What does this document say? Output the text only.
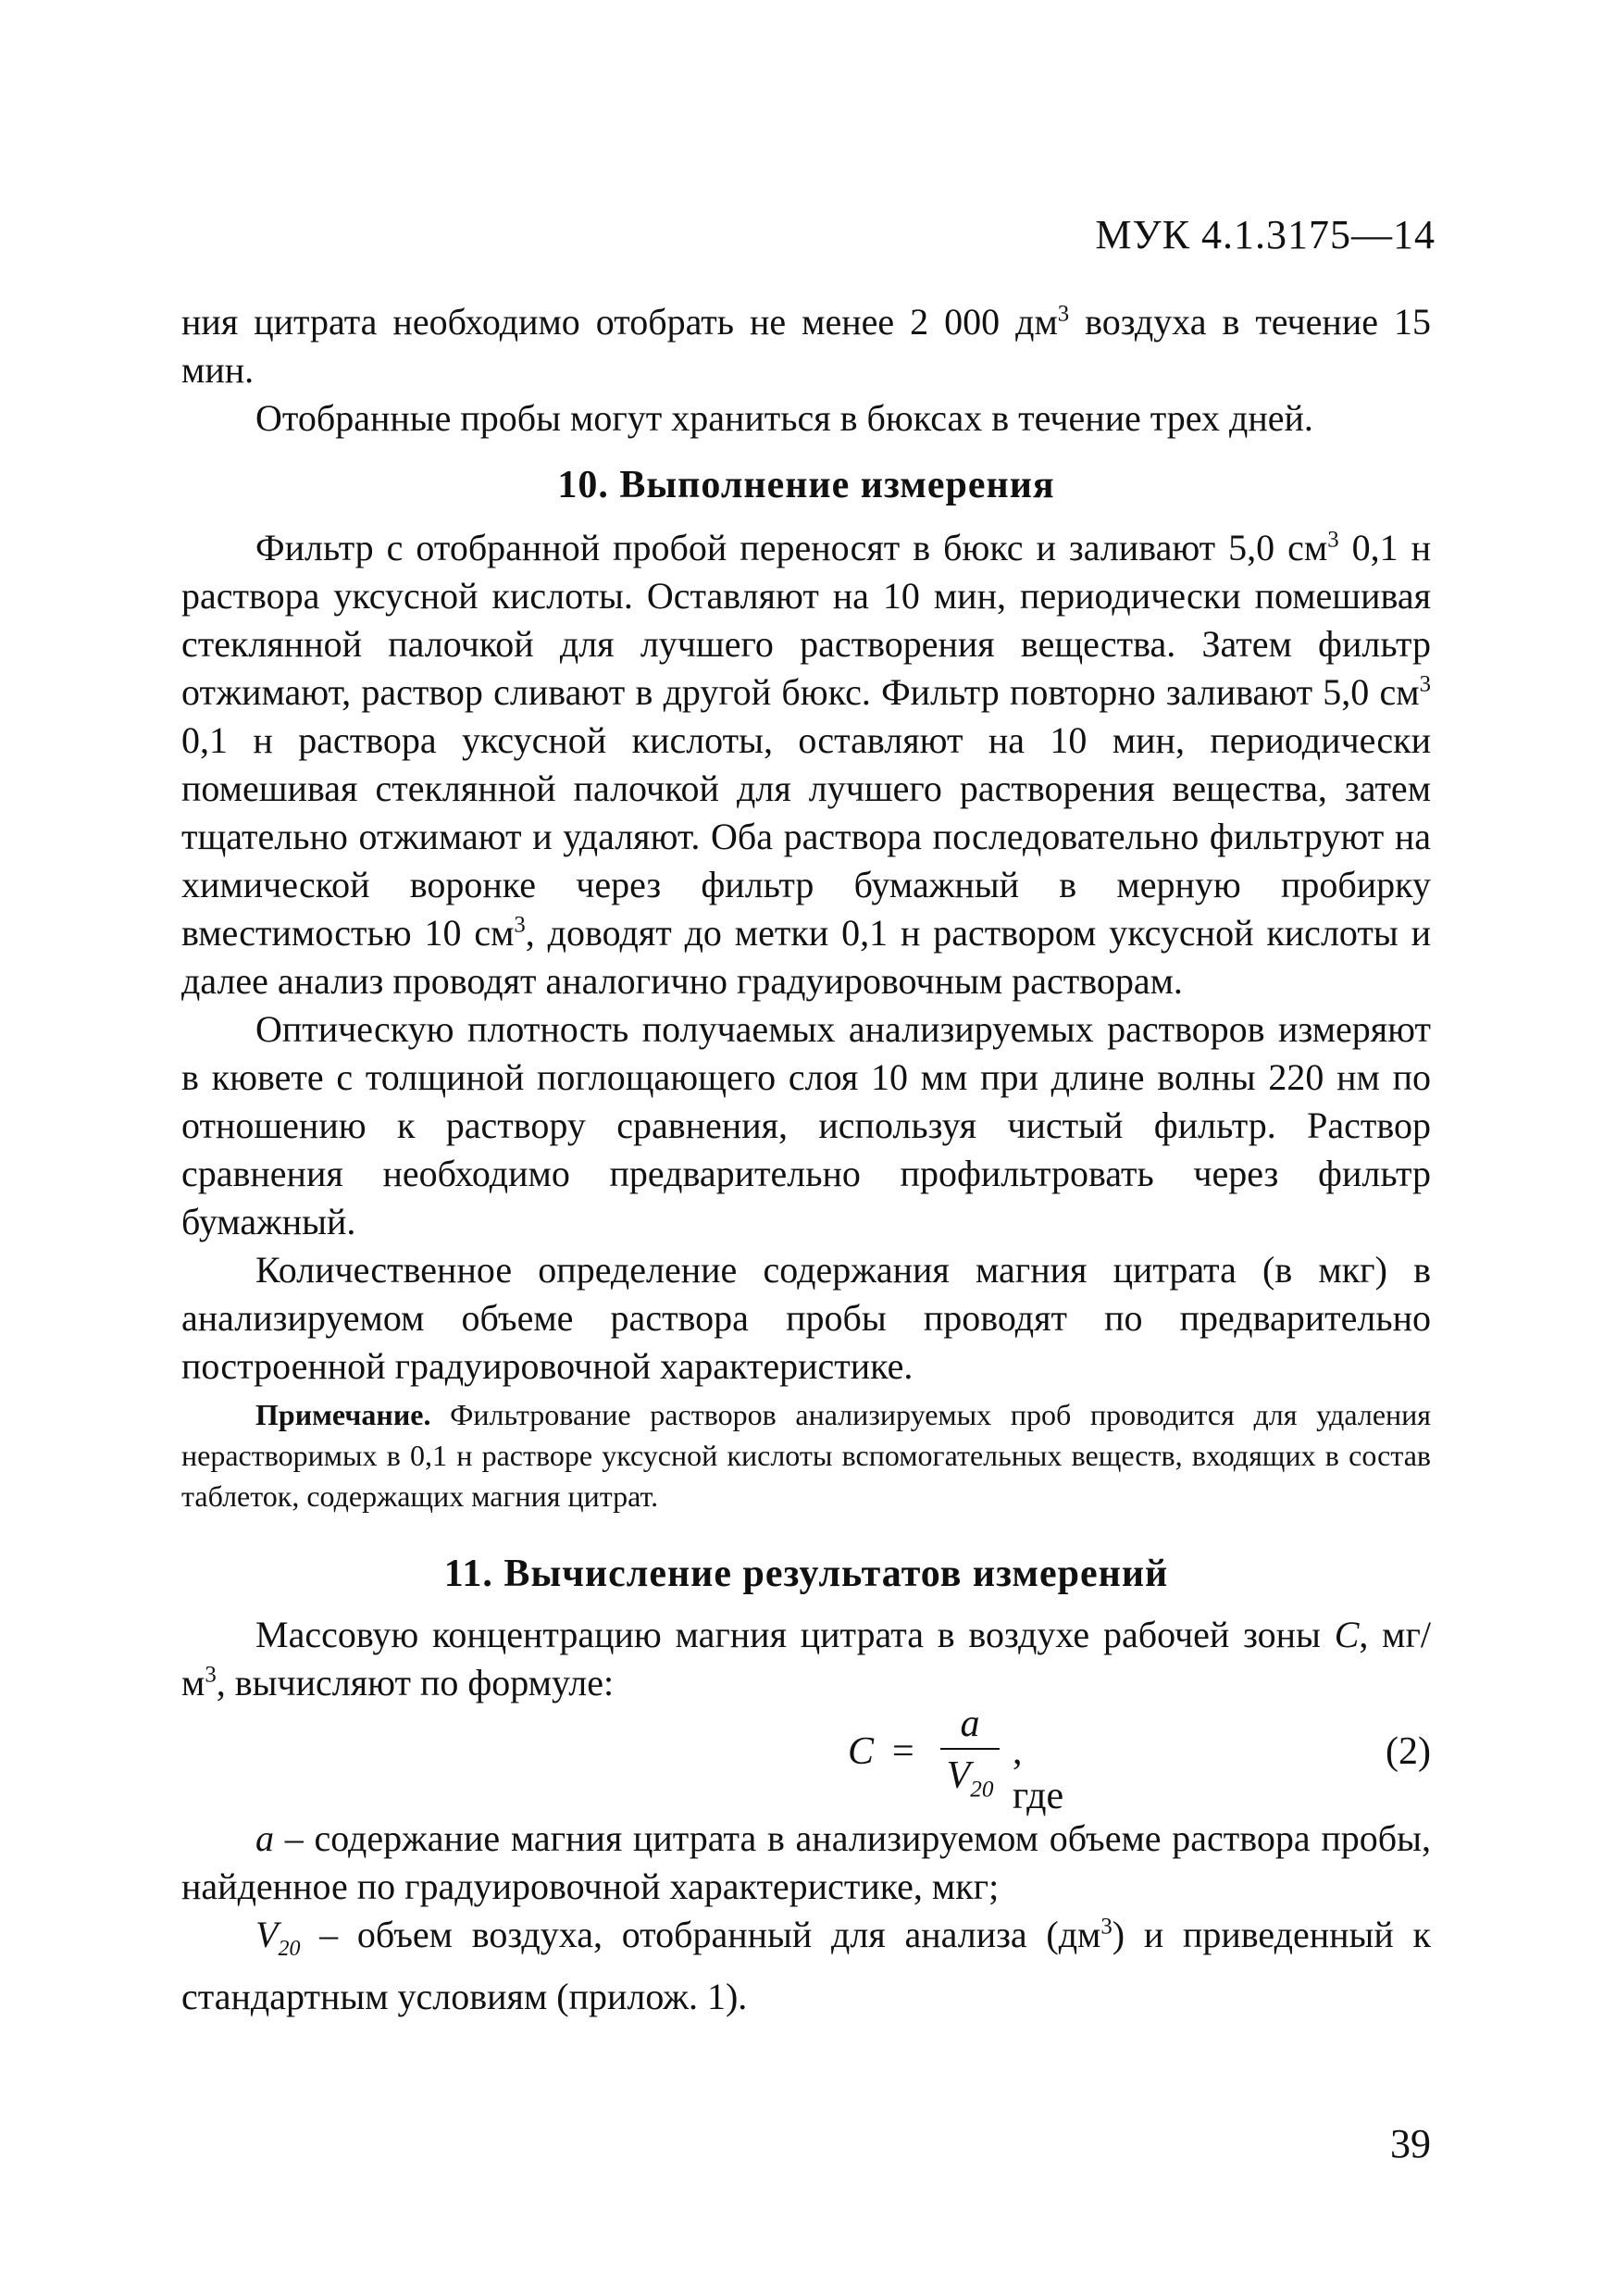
МУК 4.1.3175—14

ния цитрата необходимо отобрать не менее 2 000 $дм^3$ воздуха в течение 15 мин.

Отобранные пробы могут храниться в бюксах в течение трех дней.

10. Выполнение измерения

Фильтр с отобранной пробой переносят в бюкс и заливают 5,0 $см^3$ 0,1 н раствора уксусной кислоты. Оставляют на 10 мин, периодически помешивая стеклянной палочкой для лучшего растворения вещества. Затем фильтр отжимают, раствор сливают в другой бюкс. Фильтр повторно заливают 5,0 $см^3$ 0,1 н раствора уксусной кислоты, оставляют на 10 мин, периодически помешивая стеклянной палочкой для лучшего растворения вещества, затем тщательно отжимают и удаляют. Оба раствора последовательно фильтруют на химической воронке через фильтр бумажный в мерную пробирку вместимостью 10 $см^3$, доводят до метки 0,1 н раствором уксусной кислоты и далее анализ проводят аналогично градуировочным растворам.

Оптическую плотность получаемых анализируемых растворов измеряют в кювете с толщиной поглощающего слоя 10 мм при длине волны 220 нм по отношению к раствору сравнения, используя чистый фильтр. Раствор сравнения необходимо предварительно профильтровать через фильтр бумажный.

Количественное определение содержания магния цитрата (в мкг) в анализируемом объеме раствора пробы проводят по предварительно построенной градуировочной характеристике.

Примечание. Фильтрование растворов анализируемых проб проводится для удаления нерастворимых в 0,1 н растворе уксусной кислоты вспомогательных веществ, входящих в состав таблеток, содержащих магния цитрат.
11. Вычисление результатов измерений

Массовую концентрацию магния цитрата в воздухе рабочей зоны С, $мг/м^3$, вычисляют по формуле:

С =
a
$V_{20}$
, где
(2)

a – содержание магния цитрата в анализируемом объеме раствора пробы, найденное по градуировочной характеристике, мкг;

$V_{20}$ – объем воздуха, отобранный для анализа $(дм^3)$ и приведенный к стандартным условиям (прилож. 1).

39
